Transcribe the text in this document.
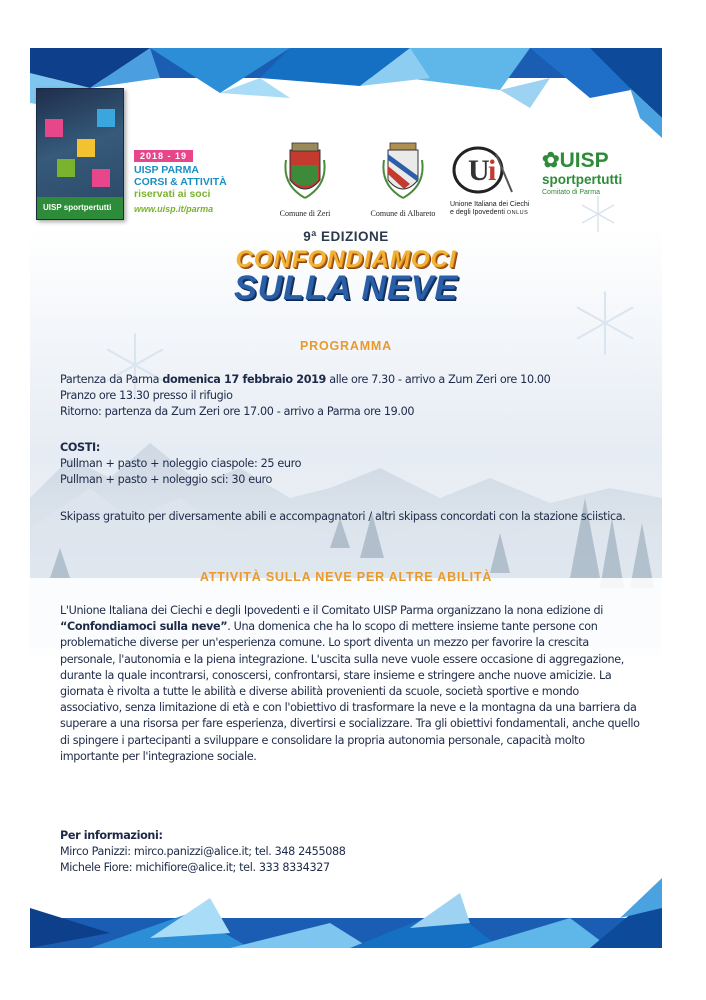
UISP sportpertutti
2018 - 19
UISP PARMA
CORSI & ATTIVITÀ
riservati ai soci
www.uisp.it/parma	Comune di Zeri	Comune di Albareto
U
i
Unione Italiana dei Ciechi
e degli Ipovedenti ONLUS
✿UISP
sportpertutti
Comitato di Parma
9ª EDIZIONE
CONFONDIAMOCI
SULLA NEVE
PROGRAMMA
Partenza da Parma domenica 17 febbraio 2019 alle ore 7.30 - arrivo a Zum Zeri ore 10.00
Pranzo ore 13.30 presso il rifugio
Ritorno: partenza da Zum Zeri ore 17.00 - arrivo a Parma ore 19.00
COSTI:
Pullman + pasto + noleggio ciaspole: 25 euro
Pullman + pasto + noleggio sci: 30 euro
Skipass gratuito per diversamente abili e accompagnatori / altri skipass concordati con la stazione sciistica.
ATTIVITÀ SULLA NEVE PER ALTRE ABILITÀ
L'Unione Italiana dei Ciechi e degli Ipovedenti e il Comitato UISP Parma organizzano la nona edizione di
“Confondiamoci sulla neve”. Una domenica che ha lo scopo di mettere insieme tante persone con problematiche diverse per un'esperienza comune. Lo sport diventa un mezzo per favorire la crescita personale, l'autonomia e la piena integrazione. L'uscita sulla neve vuole essere occasione di aggregazione, durante la quale incontrarsi, conoscersi, confrontarsi, stare insieme e stringere anche nuove amicizie. La giornata è rivolta a tutte le abilità e diverse abilità provenienti da scuole, società sportive e mondo associativo, senza limitazione di età e con l'obiettivo di trasformare la neve e la montagna da una barriera da superare a una risorsa per fare esperienza, divertirsi e socializzare. Tra gli obiettivi fondamentali, anche quello di spingere i partecipanti a sviluppare e consolidare la propria autonomia personale, capacità molto importante per l'integrazione sociale.
Per informazioni:
Mirco Panizzi: mirco.panizzi@alice.it; tel. 348 2455088
Michele Fiore: michifiore@alice.it; tel. 333 8334327
